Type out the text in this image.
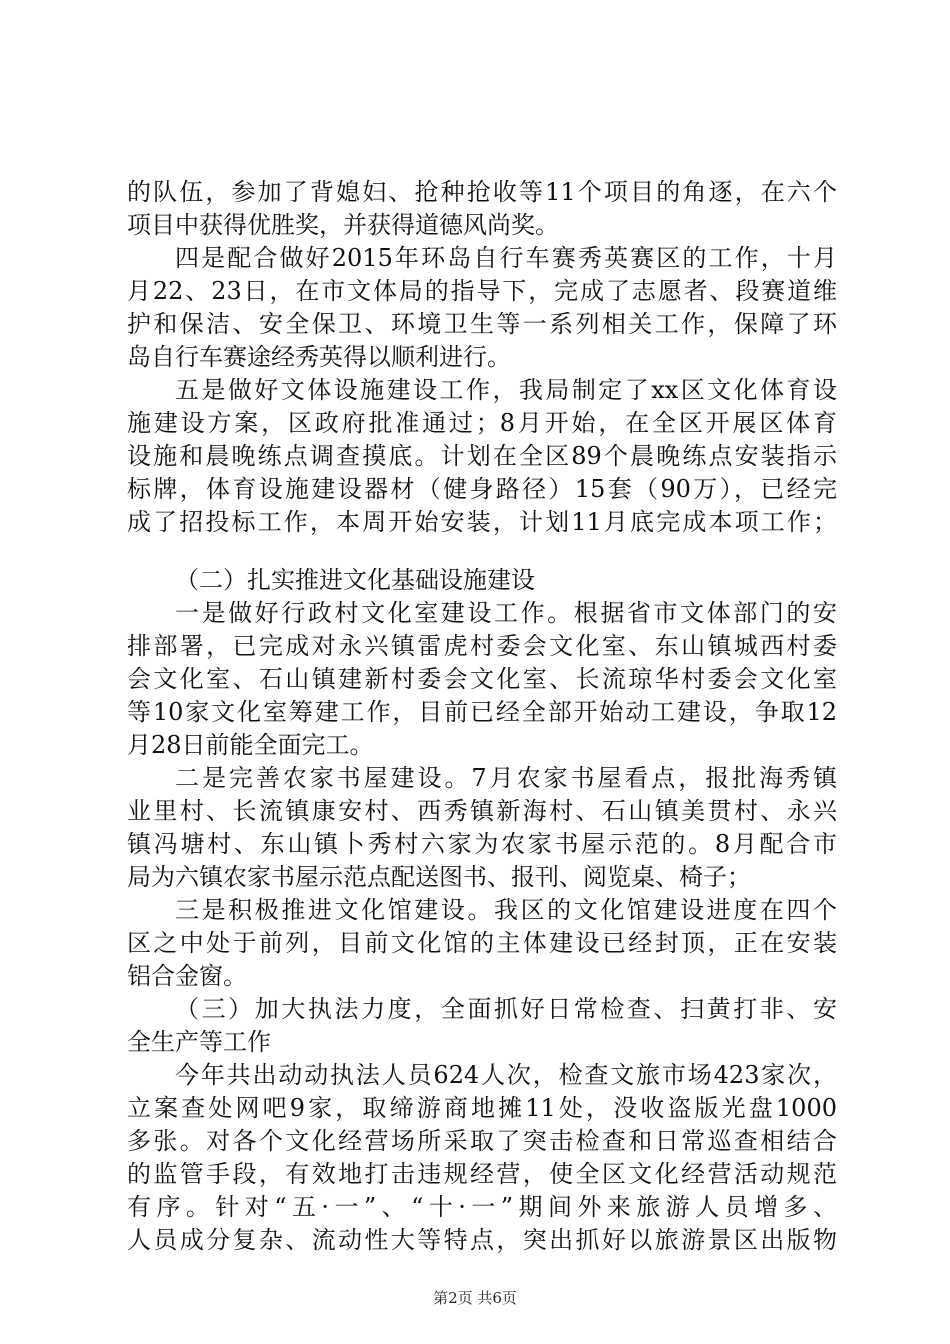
的队伍，参加了背媳妇、抢种抢收等11个项目的角逐，在六个
项目中获得优胜奖，并获得道德风尚奖。
四是配合做好2015年环岛自行车赛秀英赛区的工作，十月
月22、23日，在市文体局的指导下，完成了志愿者、段赛道维
护和保洁、安全保卫、环境卫生等一系列相关工作，保障了环
岛自行车赛途经秀英得以顺利进行。
五是做好文体设施建设工作，我局制定了xx区文化体育设
施建设方案，区政府批准通过；8月开始，在全区开展区体育
设施和晨晚练点调查摸底。计划在全区89个晨晚练点安装指示
标牌，体育设施建设器材（健身路径）15套（90万），已经完
成了招投标工作，本周开始安装，计划11月底完成本项工作；
（二）扎实推进文化基础设施建设
一是做好行政村文化室建设工作。根据省市文体部门的安
排部署，已完成对永兴镇雷虎村委会文化室、东山镇城西村委
会文化室、石山镇建新村委会文化室、长流琼华村委会文化室
等10家文化室筹建工作，目前已经全部开始动工建设，争取12
月28日前能全面完工。
二是完善农家书屋建设。7月农家书屋看点，报批海秀镇
业里村、长流镇康安村、西秀镇新海村、石山镇美贯村、永兴
镇冯塘村、东山镇卜秀村六家为农家书屋示范的。8月配合市
局为六镇农家书屋示范点配送图书、报刊、阅览桌、椅子；
三是积极推进文化馆建设。我区的文化馆建设进度在四个
区之中处于前列，目前文化馆的主体建设已经封顶，正在安装
铝合金窗。
（三）加大执法力度，全面抓好日常检查、扫黄打非、安
全生产等工作
今年共出动动执法人员624人次，检查文旅市场423家次，
立案查处网吧9家，取缔游商地摊11处，没收盗版光盘1000
多张。对各个文化经营场所采取了突击检查和日常巡查相结合
的监管手段，有效地打击违规经营，使全区文化经营活动规范
有序。针对“五·一”、“十·一”期间外来旅游人员增多、
人员成分复杂、流动性大等特点，突出抓好以旅游景区出版物
第2页 共6页
